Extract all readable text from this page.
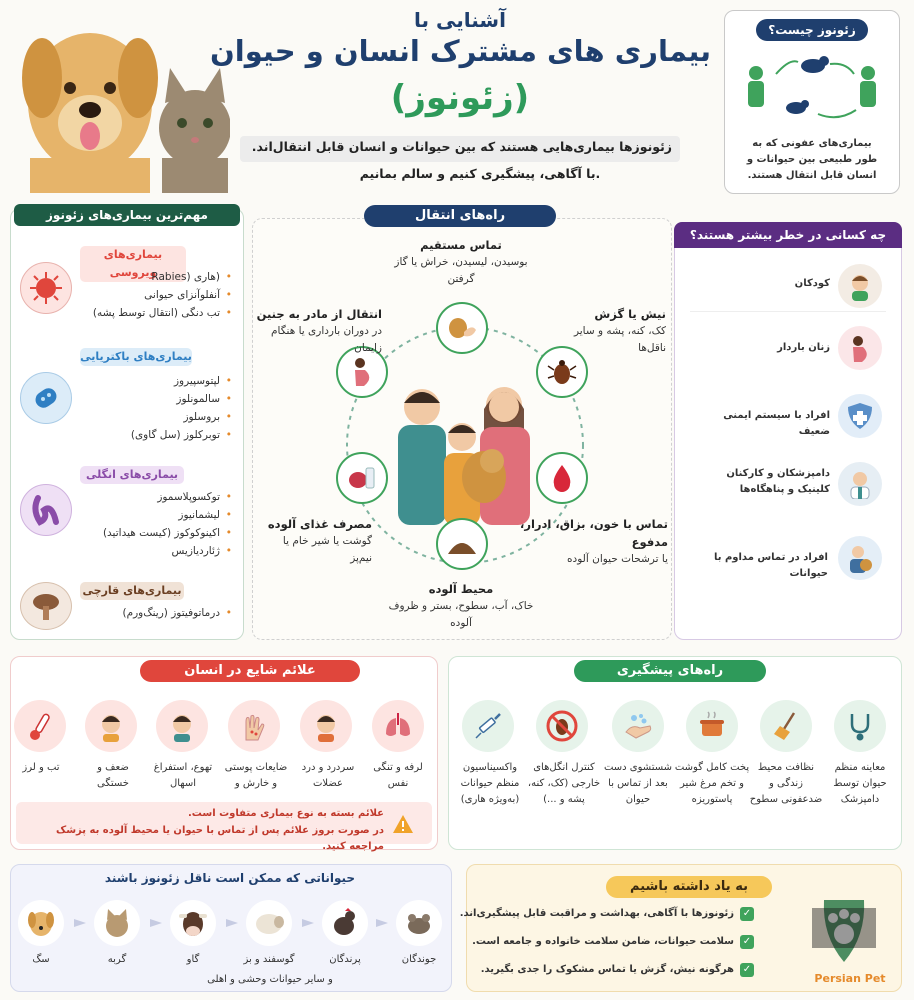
آشنایی با
بیماری های مشترک انسان و حیوان
(زئونوز)
زئونوزها بیماری‌هایی هستند که بین حیوانات و انسان قابل انتقال‌اند.
با آگاهی، پیشگیری کنیم و سالم بمانیم.
زئونوز چیست؟
بیماری‌های عفونی که به طور طبیعی بین حیوانات و انسان قابل انتقال هستند.
مهم‌ترین بیماری‌های زئونوز
بیماری‌های ویروسی
• (هاری (Rabies
• آنفلوآنزای حیوانی
• تب دنگی (انتقال توسط پشه)
بیماری‌های باکتریایی
• لپتوسپیروز
• سالمونلوز
• بروسلوز
• توبرکلوز (سل گاوی)
بیماری‌های انگلی
• توکسوپلاسموز
• لیشمانیوز
• اکینوکوکوز (کیست هیداتید)
• ژئاردیازیس
بیماری‌های قارچی
• درماتوفیتوز (رینگ‌ورم)
راه‌های انتقال
تماس مستقیم
بوسیدن، لیسیدن، خراش یا گاز گرفتن
نیش یا گزش
کک، کنه، پشه و سایر ناقل‌ها
تماس با خون، بزاق، ادرار، مدفوع
یا ترشحات حیوان آلوده
محیط آلوده
خاک، آب، سطوح، بستر و ظروف آلوده
مصرف غذای آلوده
گوشت یا شیر خام یا نیم‌پز
انتقال از مادر به جنین
در دوران بارداری یا هنگام زایمان
چه کسانی در خطر بیشتر هستند؟
کودکان
زنان باردار
افراد با سیستم ایمنی ضعیف
دامپزشکان و کارکنان کلینیک و پناهگاه‌ها
افراد در تماس مداوم با حیوانات
علائم شایع در انسان
تب و لرز	ضعف و خستگی
تهوع، استفراغ اسهال
ضایعات پوستی و خارش و
سردرد و درد عضلات
لرفه و تنگی نفس
علائم بسته به نوع بیماری متفاوت است.
در صورت بروز علائم پس از تماس با حیوان یا محیط آلوده به پزشک مراجعه کنید.
راه‌های پیشگیری
معاینه منظم حیوان توسط دامپزشک
نظافت محیط زندگی و ضدعفونی سطوح
پخت کامل گوشت و تخم مرغ شیر پاستوریزه
شستشوی دست بعد از تماس با حیوان
کنترل انگل‌های خارجی (کک، کنه، پشه و ...)
واکسیناسیون منظم حیوانات (به‌ویژه هاری)
حیواناتی که ممکن است ناقل زئونوز باشند
سگ	گربه	گاو	گوسفند و بز	پرندگان	جوندگان
و سایر حیوانات وحشی و اهلی
به یاد داشته باشیم
✓
✓
✓
زئونوزها با آگاهی، بهداشت و مراقبت قابل پیشگیری‌اند.
سلامت حیوانات، ضامن سلامت خانواده و جامعه است.
هرگونه نیش، گزش یا تماس مشکوک را جدی بگیرید.
Persian Pet
